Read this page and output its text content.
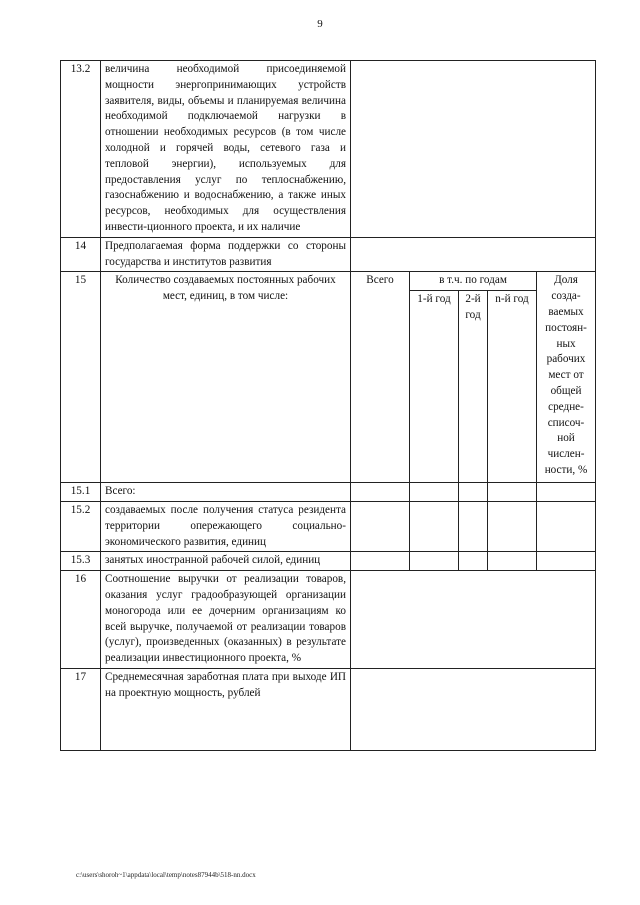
9
13.2	величина необходимой присоединяемой мощности энергопринимающих устройств заявителя, виды, объемы и планируемая величина необходимой подключаемой нагрузки в отношении необходимых ресурсов (в том числе холодной и горячей воды, сетевого газа и тепловой энергии), используемых для предоставления услуг по теплоснабжению, газоснабжению и водоснабжению, а также иных ресурсов, необходимых для осуществления инвести-ционного проекта, и их наличие					
14	Предполагаемая форма поддержки со стороны государства и институтов развития					
15	Количество создаваемых постоянных рабочих мест, единиц, в том числе:	Всего	в т.ч. по годам			Доля созда-ваемых постоян-ных рабочих мест от общей средне-списоч-ной числен-ности, %
			1-й год	2-й год	n-й год	
15.1	Всего:					
15.2	создаваемых после получения статуса резидента территории опережающего социально-экономического развития, единиц					
15.3	занятых иностранной рабочей силой, единиц					
16	Соотношение выручки от реализации товаров, оказания услуг градообразующей организации моногорода или ее дочерним организациям ко всей выручке, получаемой от реализации товаров (услуг), произведенных (оказанных) в результате реализации инвестиционного проекта, %					
17	Среднемесячная заработная плата при выходе ИП на проектную мощность, рублей					
c:\users\shoroh~1\appdata\local\temp\notes87944b\518-nn.docx
